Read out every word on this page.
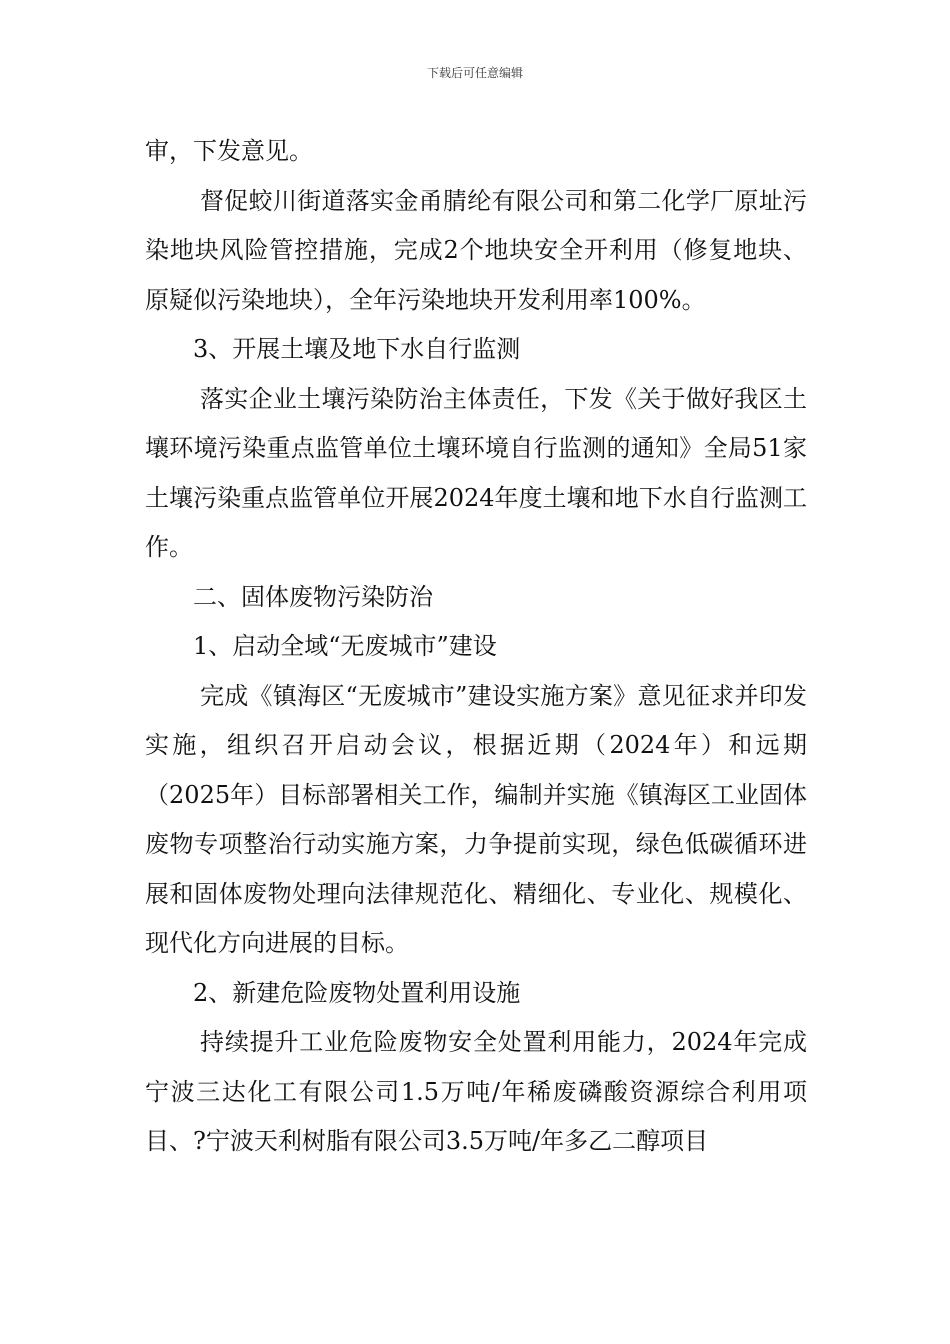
下载后可任意编辑

审，下发意见。

督促蛟川街道落实金甬腈纶有限公司和第二化学厂原址污染地块风险管控措施，完成2个地块安全开利用（修复地块、原疑似污染地块），全年污染地块开发利用率100%。

3、开展土壤及地下水自行监测

落实企业土壤污染防治主体责任，下发《关于做好我区土壤环境污染重点监管单位土壤环境自行监测的通知》全局51家土壤污染重点监管单位开展2024年度土壤和地下水自行监测工作。

二、固体废物污染防治

1、启动全域“无废城市”建设

完成《镇海区“无废城市”建设实施方案》意见征求并印发实施，组织召开启动会议，根据近期（2024年）和远期（2025年）目标部署相关工作，编制并实施《镇海区工业固体废物专项整治行动实施方案，力争提前实现，绿色低碳循环进展和固体废物处理向法律规范化、精细化、专业化、规模化、现代化方向进展的目标。

2、新建危险废物处置利用设施

持续提升工业危险废物安全处置利用能力，2024年完成宁波三达化工有限公司1.5万吨/年稀废磷酸资源综合利用项目、?宁波天利树脂有限公司3.5万吨/年多乙二醇项目
